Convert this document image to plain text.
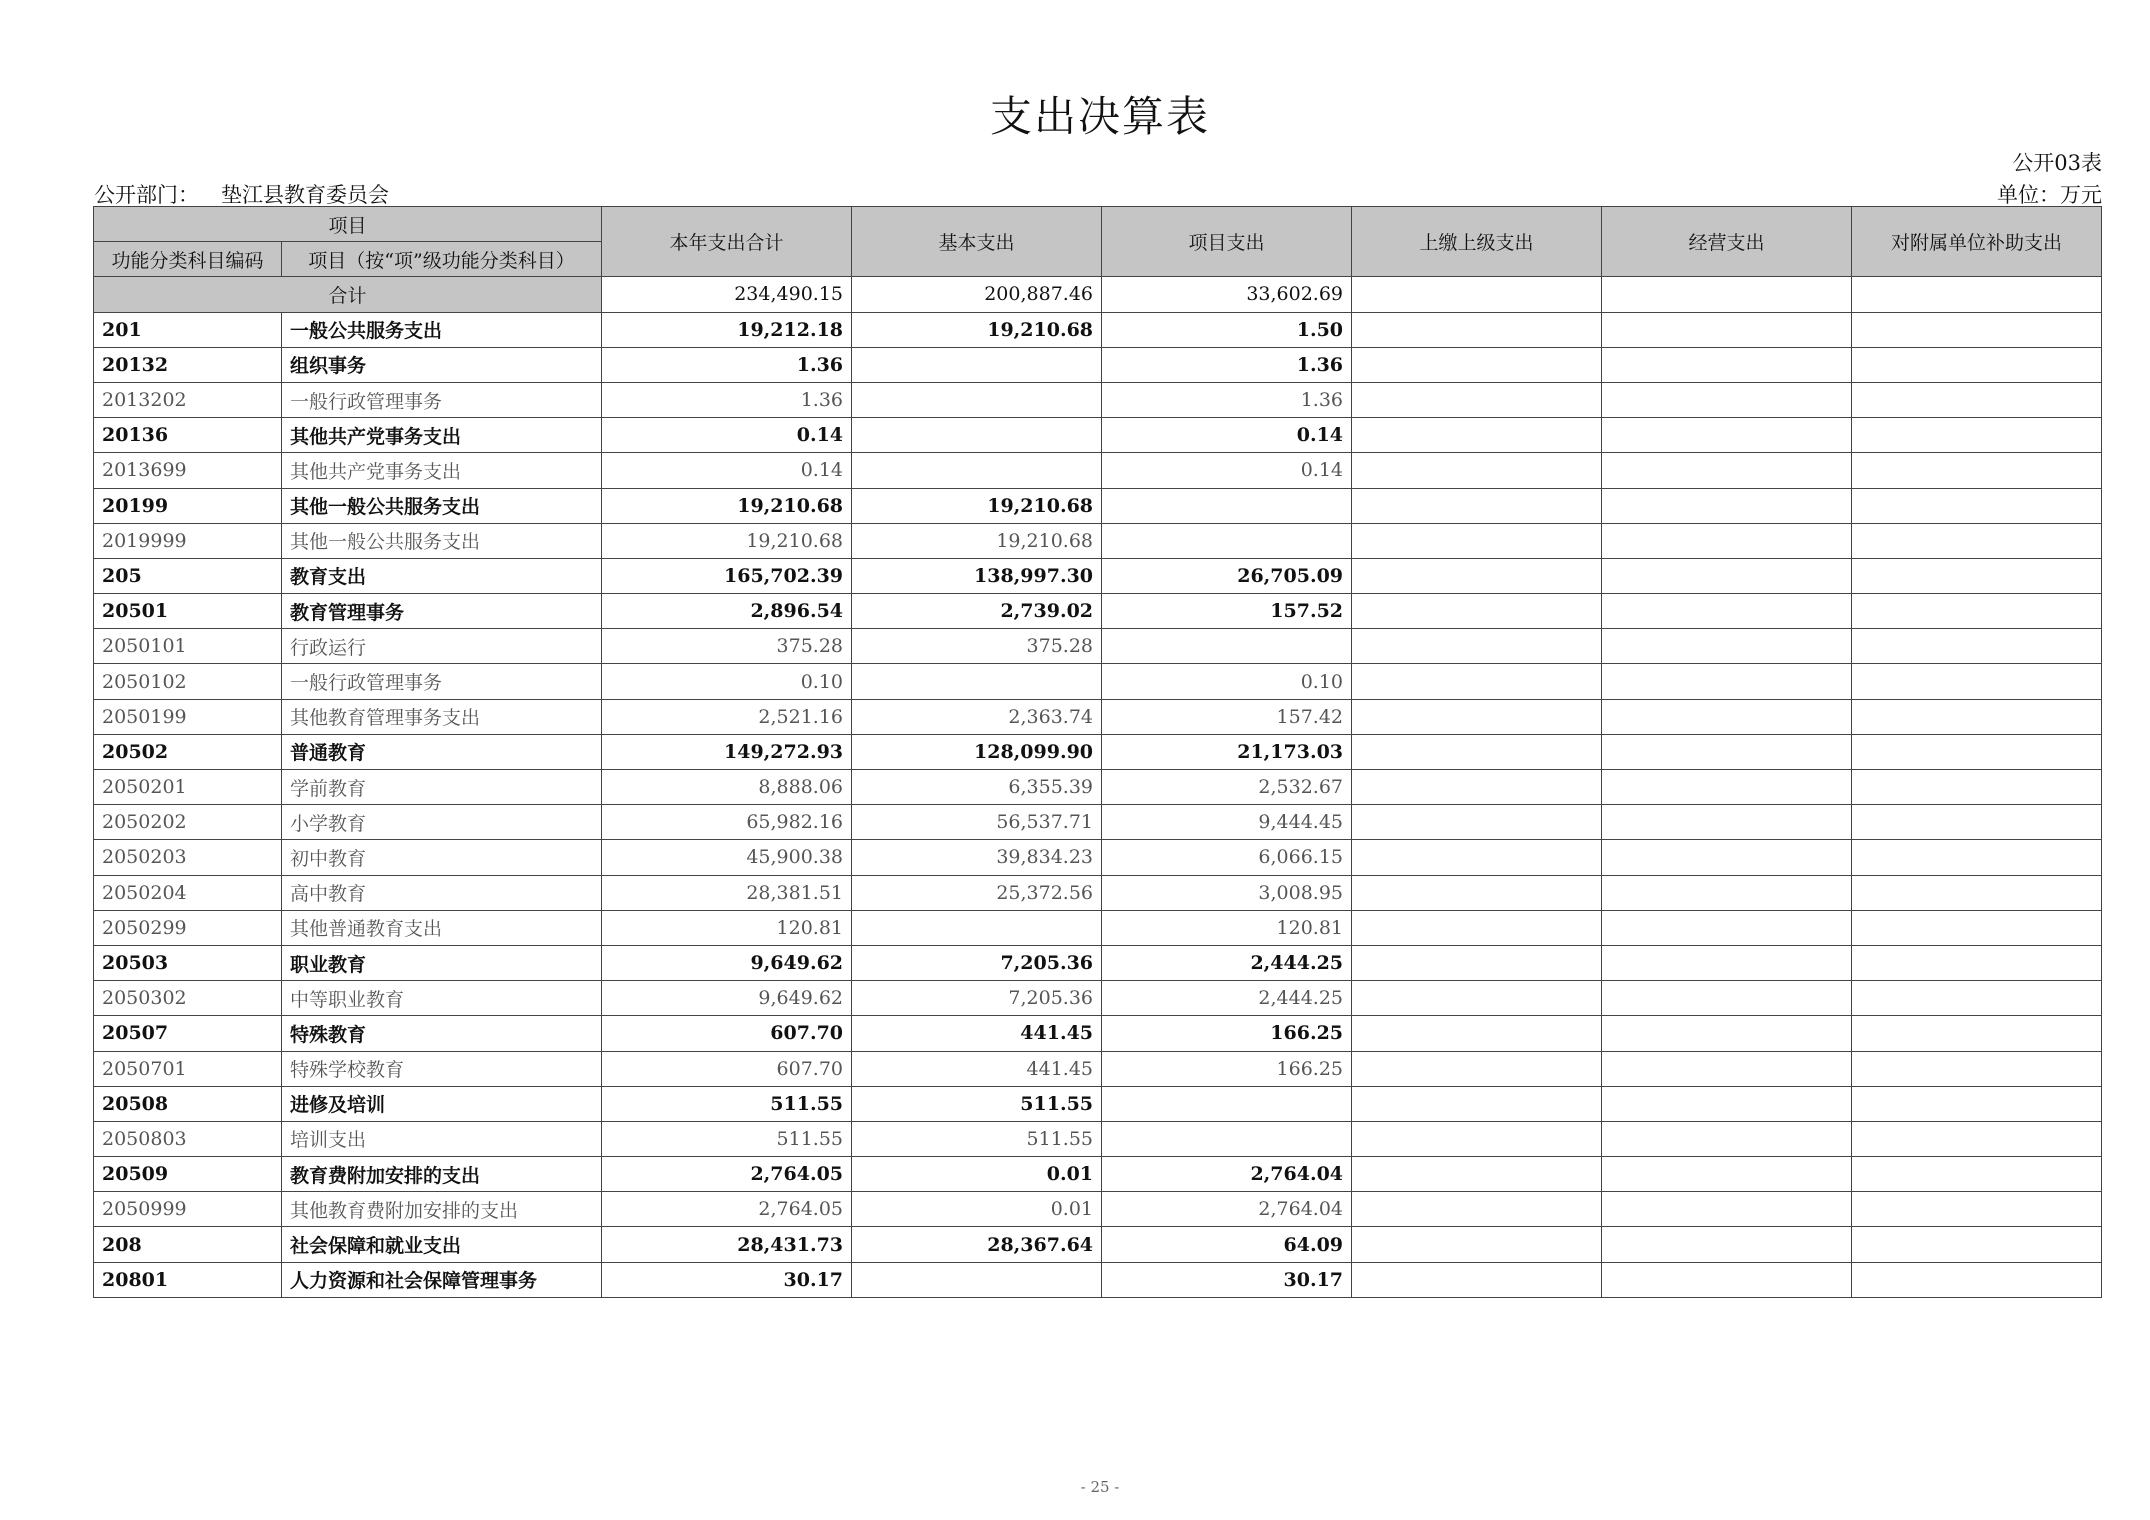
支出决算表
公开03表
公开部门： 垫江县教育委员会	单位：万元
项目		本年支出合计	基本支出	项目支出	上缴上级支出	经营支出	对附属单位补助支出
功能分类科目编码	项目（按“项”级功能分类科目）						
合计		234,490.15	200,887.46	33,602.69			
201	一般公共服务支出	19,212.18	19,210.68	1.50			
20132	组织事务	1.36		1.36			
2013202	一般行政管理事务	1.36		1.36			
20136	其他共产党事务支出	0.14		0.14			
2013699	其他共产党事务支出	0.14		0.14			
20199	其他一般公共服务支出	19,210.68	19,210.68				
2019999	其他一般公共服务支出	19,210.68	19,210.68				
205	教育支出	165,702.39	138,997.30	26,705.09			
20501	教育管理事务	2,896.54	2,739.02	157.52			
2050101	行政运行	375.28	375.28				
2050102	一般行政管理事务	0.10		0.10			
2050199	其他教育管理事务支出	2,521.16	2,363.74	157.42			
20502	普通教育	149,272.93	128,099.90	21,173.03			
2050201	学前教育	8,888.06	6,355.39	2,532.67			
2050202	小学教育	65,982.16	56,537.71	9,444.45			
2050203	初中教育	45,900.38	39,834.23	6,066.15			
2050204	高中教育	28,381.51	25,372.56	3,008.95			
2050299	其他普通教育支出	120.81		120.81			
20503	职业教育	9,649.62	7,205.36	2,444.25			
2050302	中等职业教育	9,649.62	7,205.36	2,444.25			
20507	特殊教育	607.70	441.45	166.25			
2050701	特殊学校教育	607.70	441.45	166.25			
20508	进修及培训	511.55	511.55				
2050803	培训支出	511.55	511.55				
20509	教育费附加安排的支出	2,764.05	0.01	2,764.04			
2050999	其他教育费附加安排的支出	2,764.05	0.01	2,764.04			
208	社会保障和就业支出	28,431.73	28,367.64	64.09			
20801	人力资源和社会保障管理事务	30.17		30.17			
- 25 -
